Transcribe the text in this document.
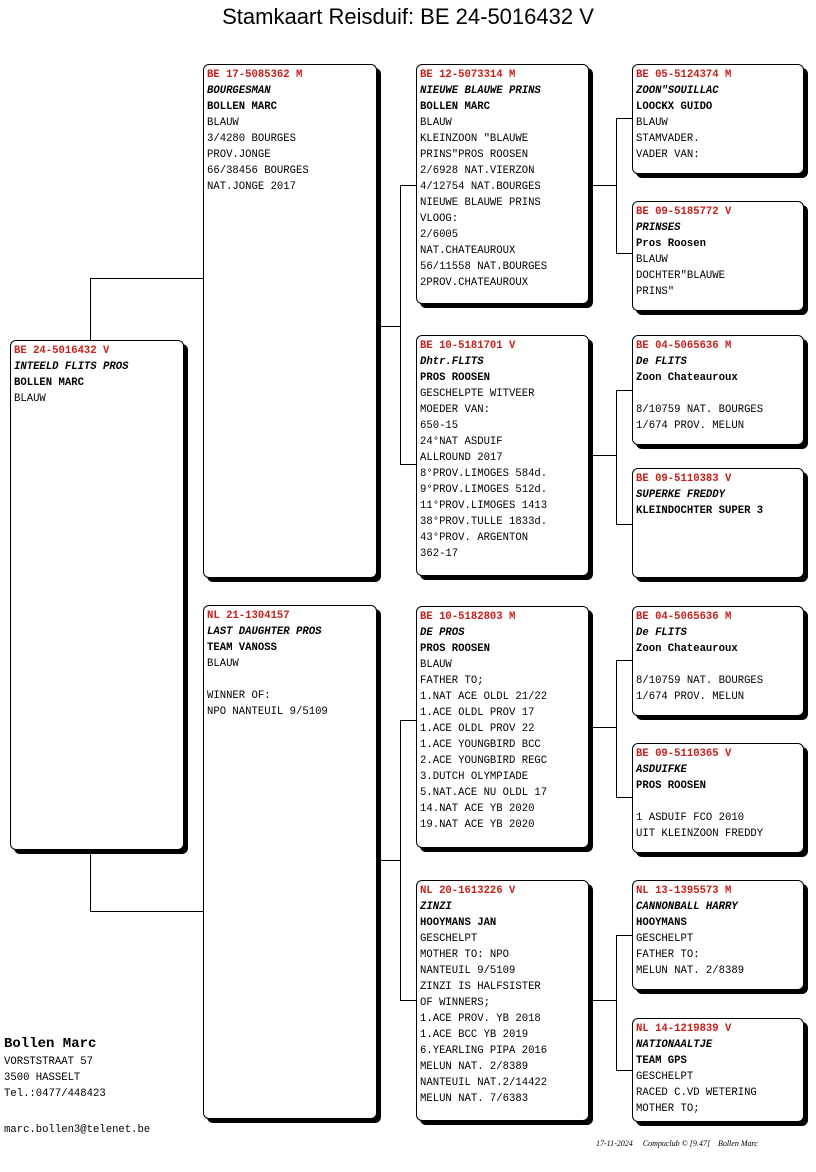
Stamkaart Reisduif: BE 24-5016432 V
BE 24-5016432 V
INTEELD FLITS PROS
BOLLEN MARC
BLAUW
BE 17-5085362 M
BOURGESMAN
BOLLEN MARC
BLAUW
3/4280 BOURGES
PROV.JONGE
66/38456 BOURGES
NAT.JONGE 2017
NL 21-1304157
LAST DAUGHTER PROS
TEAM VANOSS
BLAUW
WINNER OF:
NPO NANTEUIL 9/5109
BE 12-5073314 M
NIEUWE BLAUWE PRINS
BOLLEN MARC
BLAUW
KLEINZOON "BLAUWE
PRINS"PROS ROOSEN
2/6928 NAT.VIERZON
4/12754 NAT.BOURGES
NIEUWE BLAUWE PRINS
VLOOG:
2/6005
NAT.CHATEAUROUX
56/11558 NAT.BOURGES
2PROV.CHATEAUROUX
BE 10-5181701 V
Dhtr.FLITS
PROS ROOSEN
GESCHELPTE WITVEER
MOEDER VAN:
650-15
24°NAT ASDUIF
ALLROUND 2017
8°PROV.LIMOGES 584d.
9°PROV.LIMOGES 512d.
11°PROV.LIMOGES 1413
38°PROV.TULLE 1833d.
43°PROV. ARGENTON
362-17
BE 10-5182803 M
DE PROS
PROS ROOSEN
BLAUW
FATHER TO;
1.NAT ACE OLDL 21/22
1.ACE OLDL PROV 17
1.ACE OLDL PROV 22
1.ACE YOUNGBIRD BCC
2.ACE YOUNGBIRD REGC
3.DUTCH OLYMPIADE
5.NAT.ACE NU OLDL 17
14.NAT ACE YB 2020
19.NAT ACE YB 2020
NL 20-1613226 V
ZINZI
HOOYMANS JAN
GESCHELPT
MOTHER TO: NPO
NANTEUIL 9/5109
ZINZI IS HALFSISTER
OF WINNERS;
1.ACE PROV. YB 2018
1.ACE BCC YB 2019
6.YEARLING PIPA 2016
MELUN NAT. 2/8389
NANTEUIL NAT.2/14422
MELUN NAT. 7/6383
BE 05-5124374 M
ZOON"SOUILLAC
LOOCKX GUIDO
BLAUW
STAMVADER.
VADER VAN:
BE 09-5185772 V
PRINSES
Pros Roosen
BLAUW
DOCHTER"BLAUWE
PRINS"
BE 04-5065636 M
De FLITS
Zoon Chateauroux
8/10759 NAT. BOURGES
1/674 PROV. MELUN
BE 09-5110383 V
SUPERKE FREDDY
KLEINDOCHTER SUPER 3
BE 04-5065636 M
De FLITS
Zoon Chateauroux
8/10759 NAT. BOURGES
1/674 PROV. MELUN
BE 09-5110365 V
ASDUIFKE
PROS ROOSEN
1 ASDUIF FCO 2010
UIT KLEINZOON FREDDY
NL 13-1395573 M
CANNONBALL HARRY
HOOYMANS
GESCHELPT
FATHER TO:
MELUN NAT. 2/8389
NL 14-1219839 V
NATIONAALTJE
TEAM GPS
GESCHELPT
RACED C.VD WETERING
MOTHER TO;
Bollen Marc
VORSTSTRAAT 57
3500 HASSELT
Tel.:0477/448423
marc.bollen3@telenet.be
17-11-2024 Compuclub © [9.47] Bollen Marc
